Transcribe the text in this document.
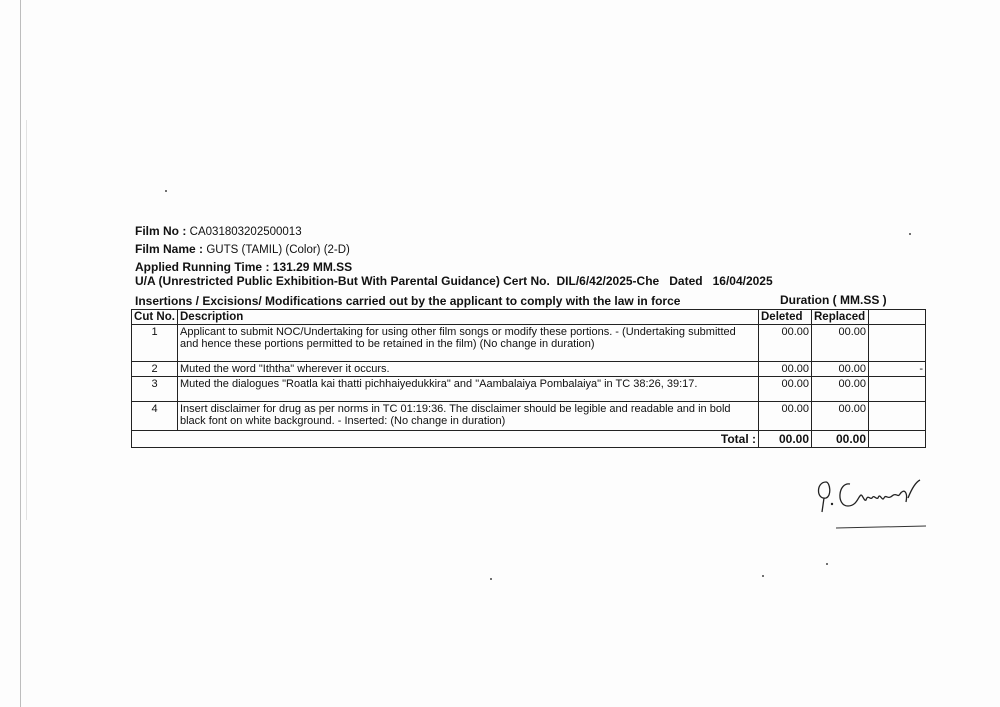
Film No : CA031803202500013
Film Name : GUTS (TAMIL) (Color) (2-D)
Applied Running Time : 131.29 MM.SS
U/A (Unrestricted Public Exhibition-But With Parental Guidance) Cert No. DIL/6/42/2025-Che Dated 16/04/2025
Insertions / Excisions/ Modifications carried out by the applicant to comply with the law in force	Duration ( MM.SS )
Cut No.	Description	Deleted	Replaced	
1	Applicant to submit NOC/Undertaking for using other film songs or modify these portions. - (Undertaking submitted and hence these portions permitted to be retained in the film) (No change in duration)	00.00	00.00	
2	Muted the word "Iththa" wherever it occurs.	00.00	00.00	-
3	Muted the dialogues "Roatla kai thatti pichhaiyedukkira" and "Aambalaiya Pombalaiya" in TC 38:26, 39:17.	00.00	00.00	
4	Insert disclaimer for drug as per norms in TC 01:19:36. The disclaimer should be legible and readable and in bold black font on white background. - Inserted: (No change in duration)	00.00	00.00	
Total :		00.00	00.00	
